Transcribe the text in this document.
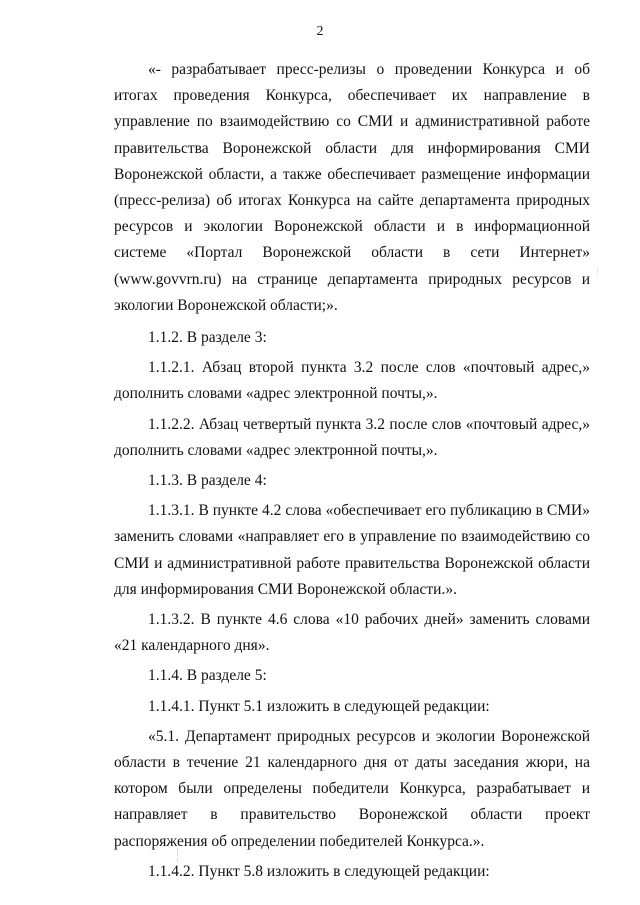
2

«- разрабатывает пресс-релизы о проведении Конкурса и об итогах проведения Конкурса, обеспечивает их направление в управление по взаимодействию со СМИ и административной работе правительства Воронежской области для информирования СМИ Воронежской области, а также обеспечивает размещение информации (пресс-релиза) об итогах Конкурса на сайте департамента природных ресурсов и экологии Воронежской области и в информационной системе «Портал Воронежской области в сети Интернет» (www.govvrn.ru) на странице департамента природных ресурсов и экологии Воронежской области;».

1.1.2. В разделе 3:

1.1.2.1. Абзац второй пункта 3.2 после слов «почтовый адрес,» дополнить словами «адрес электронной почты,».

1.1.2.2. Абзац четвертый пункта 3.2 после слов «почтовый адрес,» дополнить словами «адрес электронной почты,».

1.1.3. В разделе 4:

1.1.3.1. В пункте 4.2 слова «обеспечивает его публикацию в СМИ» заменить словами «направляет его в управление по взаимодействию со СМИ и административной работе правительства Воронежской области для информирования СМИ Воронежской области.».

1.1.3.2. В пункте 4.6 слова «10 рабочих дней» заменить словами «21 календарного дня».

1.1.4. В разделе 5:

1.1.4.1. Пункт 5.1 изложить в следующей редакции:

«5.1. Департамент природных ресурсов и экологии Воронежской области в течение 21 календарного дня от даты заседания жюри, на котором были определены победители Конкурса, разрабатывает и направляет в правительство Воронежской области проект распоряжения об определении победителей Конкурса.».

1.1.4.2. Пункт 5.8 изложить в следующей редакции:
